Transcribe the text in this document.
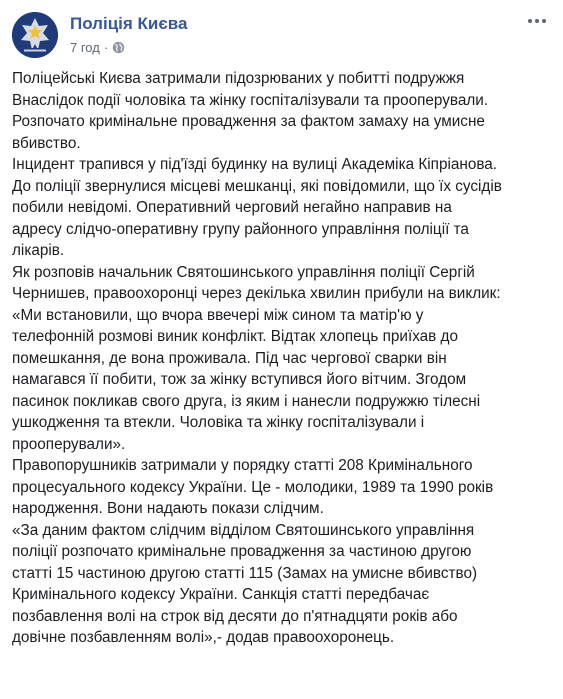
Поліція Києва
7 год ·

Поліцейські Києва затримали підозрюваних у побитті подружжя

Внаслідок події чоловіка та жінку госпіталізували та прооперували.

Розпочато кримінальне провадження за фактом замаху на умисне

вбивство.

Інцидент трапився у під'їзді будинку на вулиці Академіка Кіпріанова.

До поліції звернулися місцеві мешканці, які повідомили, що їх сусідів

побили невідомі. Оперативний черговий негайно направив на

адресу слідчо-оперативну групу районного управління поліції та

лікарів.

Як розповів начальник Святошинського управління поліції Сергій

Чернишев, правоохоронці через декілька хвилин прибули на виклик:

«Ми встановили, що вчора ввечері між сином та матір'ю у

телефонній розмові виник конфлікт. Відтак хлопець приїхав до

помешкання, де вона проживала. Під час чергової сварки він

намагався її побити, тож за жінку вступився його вітчим. Згодом

пасинок покликав свого друга, із яким і нанесли подружжю тілесні

ушкодження та втекли. Чоловіка та жінку госпіталізували і

прооперували».

Правопорушників затримали у порядку статті 208 Кримінального

процесуального кодексу України. Це - молодики, 1989 та 1990 років

народження. Вони надають покази слідчим.

«За даним фактом слідчим відділом Святошинського управління

поліції розпочато кримінальне провадження за частиною другою

статті 15 частиною другою статті 115 (Замах на умисне вбивство)

Кримінального кодексу України. Санкція статті передбачає

позбавлення волі на строк від десяти до п'ятнадцяти років або

довічне позбавленням волі»,- додав правоохоронець.
